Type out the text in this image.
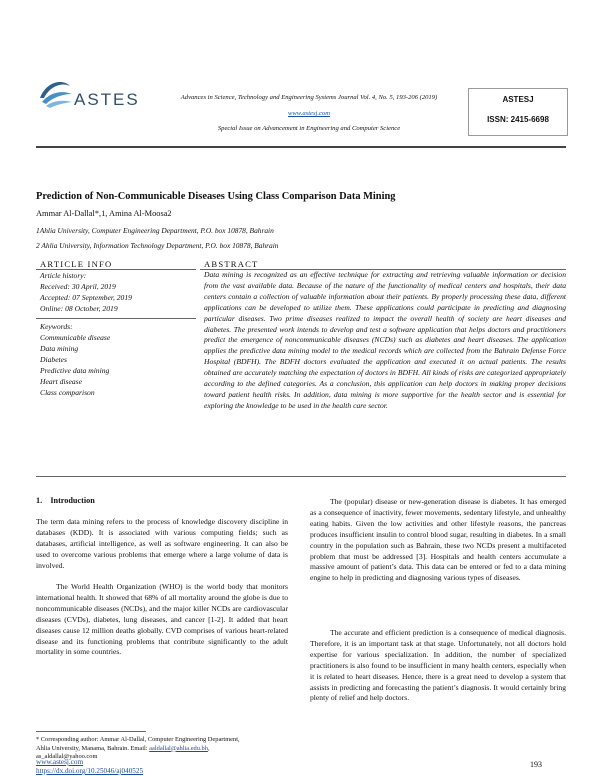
ASTES	Advances in Science, Technology and Engineering Systems Journal Vol. 4, No. 5, 193-206 (2019)
www.astesj.com
Special Issue on Advancement in Engineering and Computer Science
ASTESJ
ISSN: 2415-6698
Prediction of Non-Communicable Diseases Using Class Comparison Data Mining
Ammar Al-Dallal*,1, Amina Al-Moosa2
1Ahlia University, Computer Engineering Department, P.O. box 10878, Bahrain
2 Ahlia University, Information Technology Department, P.O. box 10878, Bahrain
ARTICLE INFO	ABSTRACT
Article history:
Received: 30 April, 2019
Accepted: 07 September, 2019
Online: 08 October, 2019
Keywords:
Communicable disease
Data mining
Diabetes
Predictive data mining
Heart disease
Class comparison
Data mining is recognized as an effective technique for extracting and retrieving valuable information or decision from the vast available data. Because of the nature of the functionality of medical centers and hospitals, their data centers contain a collection of valuable information about their patients. By properly processing these data, different applications can be developed to utilize them. These applications could participate in predicting and diagnosing particular diseases. Two prime diseases realized to impact the overall health of society are heart diseases and diabetes. The presented work intends to develop and test a software application that helps doctors and practitioners predict the emergence of noncommunicable diseases (NCDs) such as diabetes and heart diseases. The application applies the predictive data mining model to the medical records which are collected from the Bahrain Defense Force Hospital (BDFH). The BDFH doctors evaluated the application and executed it on actual patients. The results obtained are accurately matching the expectation of doctors in BDFH. All kinds of risks are categorized appropriately according to the defined categories. As a conclusion, this application can help doctors in making proper decisions toward patient health risks. In addition, data mining is more supportive for the health sector and is essential for exploring the knowledge to be used in the health care sector.
1.    Introduction

The term data mining refers to the process of knowledge discovery discipline in databases (KDD). It is associated with various computing fields; such as databases, artificial intelligence, as well as software engineering. It can also be used to overcome various problems that emerge where a large volume of data is involved.

The World Health Organization (WHO) is the world body that monitors international health. It showed that 68% of all mortality around the globe is due to noncommunicable diseases (NCDs), and the major killer NCDs are cardiovascular diseases (CVDs), diabetes, lung diseases, and cancer [1-2]. It added that heart diseases cause 12 million deaths globally. CVD comprises of various heart-related disease and its functioning problems that contribute significantly to the adult mortality in some countries.

The (popular) disease or new-generation disease is diabetes. It has emerged as a consequence of inactivity, fewer movements, sedentary lifestyle, and unhealthy eating habits. Given the low activities and other lifestyle reasons, the pancreas produces insufficient insulin to control blood sugar, resulting in diabetes. In a small country in the population such as Bahrain, these two NCDs present a multifaceted problem that must be addressed [3]. Hospitals and health centers accumulate a massive amount of patient’s data. This data can be entered or fed to a data mining engine to help in predicting and diagnosing various types of diseases.

The accurate and efficient prediction is a consequence of medical diagnosis. Therefore, it is an important task at that stage. Unfortunately, not all doctors hold expertise for various specialization. In addition, the number of specialized practitioners is also found to be insufficient in many health centers, especially when it is related to heart diseases. Hence, there is a great need to develop a system that assists in predicting and forecasting the patient’s diagnosis. It would certainly bring plenty of relief and help doctors.

* Corresponding author: Ammar Al-Dallal, Computer Engineering Department,
Ahlia University, Manama, Bahrain. Email: aaldallal@ahlia.edu.bh,
as_aldallal@yahoo.com
www.astesj.com
https://dx.doi.org/10.25046/aj040525
193
